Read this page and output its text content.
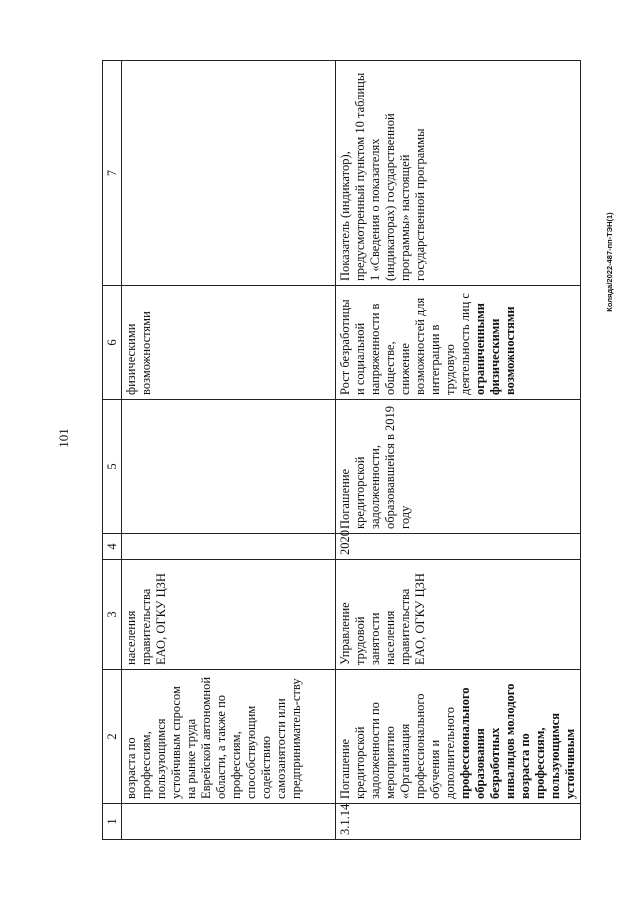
101
Коляда/2022-487-пп-ТЭН(1)
1	2	3	4	5	6	7
	возраста по профессиям, пользующимся устойчивым спросом на рынке труда Еврейской автономной области, а также по профессиям, способствующим содействию самозанятости или предприниматель-ству	населения правительства ЕАО, ОГКУ ЦЗН			физическими возможностями	
3.1.14	Погашение кредиторской задолженности по мероприятию «Организация профессионального обучения и дополнительного профессионального образования безработных инвалидов молодого возраста по профессиям, пользующимся устойчивым	Управление трудовой занятости населения правительства ЕАО, ОГКУ ЦЗН	2020	Погашение кредиторской задолженности, образовавшейся в 2019 году	Рост безработицы и социальной напряженности в обществе, снижение возможностей для интеграции в трудовую деятельность лиц с ограниченными физическими возможностями	Показатель (индикатор), предусмотренный пунктом 10 таблицы 1 «Сведения о показателях (индикаторах) государственной программы» настоящей государственной программы
